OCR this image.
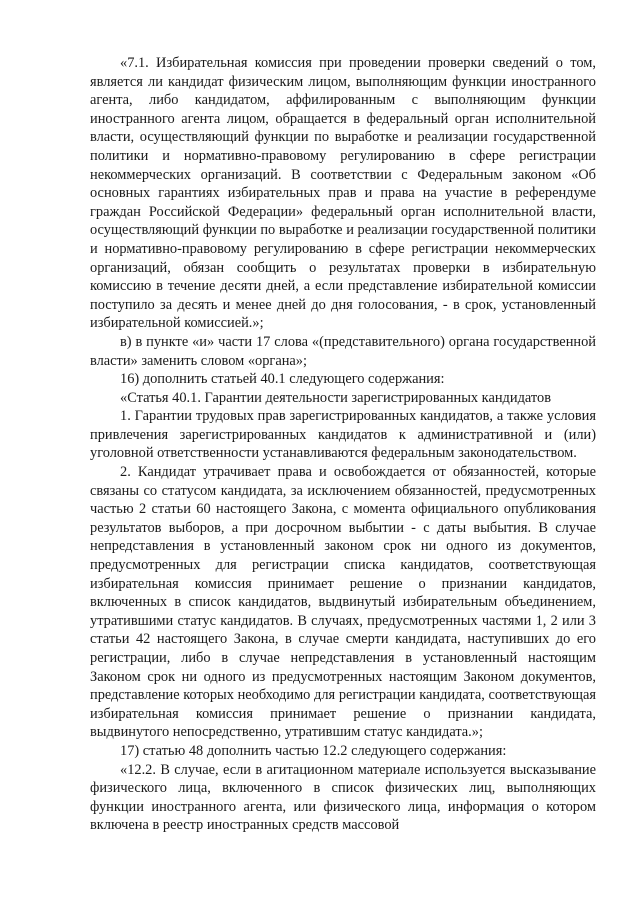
«7.1. Избирательная комиссия при проведении проверки сведений о том, является ли кандидат физическим лицом, выполняющим функции иностранного агента, либо кандидатом, аффилированным с выполняющим функции иностранного агента лицом, обращается в федеральный орган исполнительной власти, осуществляющий функции по выработке и реализации государственной политики и нормативно-правовому регулированию в сфере регистрации некоммерческих организаций. В соответствии с Федеральным законом «Об основных гарантиях избирательных прав и права на участие в референдуме граждан Российской Федерации» федеральный орган исполнительной власти, осуществляющий функции по выработке и реализации государственной политики и нормативно-правовому регулированию в сфере регистрации некоммерческих организаций, обязан сообщить о результатах проверки в избирательную комиссию в течение десяти дней, а если представление избирательной комиссии поступило за десять и менее дней до дня голосования, - в срок, установленный избирательной комиссией.»;

в) в пункте «и» части 17 слова «(представительного) органа государственной власти» заменить словом «органа»;

16) дополнить статьей 40.1 следующего содержания:

«Статья 40.1. Гарантии деятельности зарегистрированных кандидатов

1. Гарантии трудовых прав зарегистрированных кандидатов, а также условия привлечения зарегистрированных кандидатов к административной и (или) уголовной ответственности устанавливаются федеральным законодательством.

2. Кандидат утрачивает права и освобождается от обязанностей, которые связаны со статусом кандидата, за исключением обязанностей, предусмотренных частью 2 статьи 60 настоящего Закона, с момента официального опубликования результатов выборов, а при досрочном выбытии - с даты выбытия. В случае непредставления в установленный законом срок ни одного из документов, предусмотренных для регистрации списка кандидатов, соответствующая избирательная комиссия принимает решение о признании кандидатов, включенных в список кандидатов, выдвинутый избирательным объединением, утратившими статус кандидатов. В случаях, предусмотренных частями 1, 2 или 3 статьи 42 настоящего Закона, в случае смерти кандидата, наступивших до его регистрации, либо в случае непредставления в установленный настоящим Законом срок ни одного из предусмотренных настоящим Законом документов, представление которых необходимо для регистрации кандидата, соответствующая избирательная комиссия принимает решение о признании кандидата, выдвинутого непосредственно, утратившим статус кандидата.»;

17) статью 48 дополнить частью 12.2 следующего содержания:

«12.2. В случае, если в агитационном материале используется высказывание физического лица, включенного в список физических лиц, выполняющих функции иностранного агента, или физического лица, информация о котором включена в реестр иностранных средств массовой
